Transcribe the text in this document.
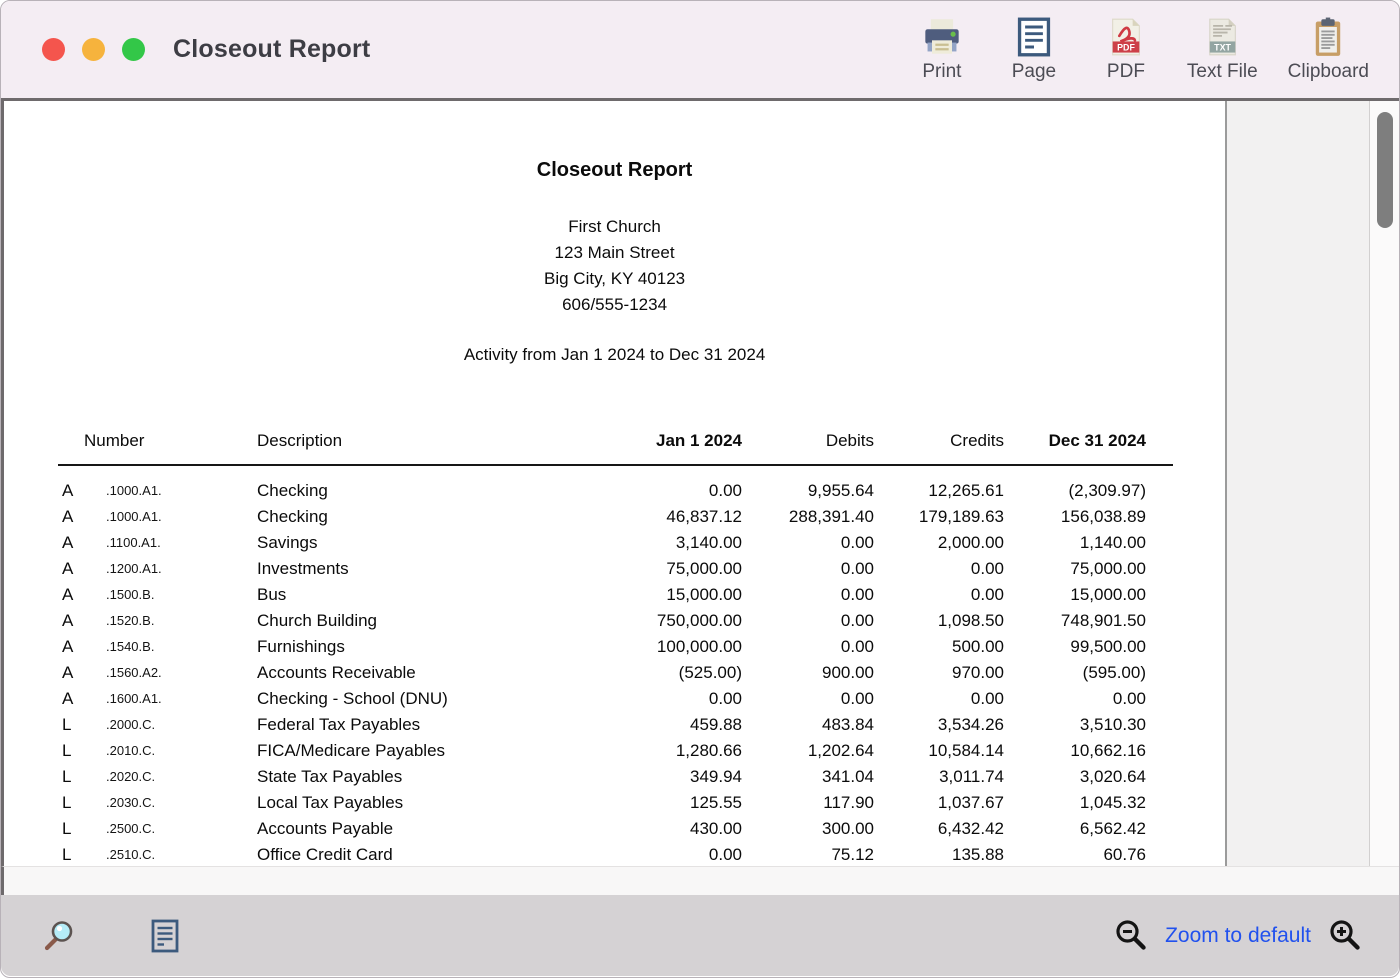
Closeout Report
Print	Page
PDF
PDF
TXT
Text File Clipboard
Closeout Report
First Church
123 Main Street
Big City, KY 40123
606/555-1234
Activity from Jan 1 2024 to Dec 31 2024
Number	Description	Jan 1 2024	Debits	Credits	Dec 31 2024
A	.1000.A1.	Checking	0.00	9,955.64	12,265.61	(2,309.97)
A	.1000.A1.	Checking	46,837.12	288,391.40	179,189.63	156,038.89
A	.1100.A1.	Savings	3,140.00	0.00	2,000.00	1,140.00
A	.1200.A1.	Investments	75,000.00	0.00	0.00	75,000.00
A	.1500.B.	Bus	15,000.00	0.00	0.00	15,000.00
A	.1520.B.	Church Building	750,000.00	0.00	1,098.50	748,901.50
A	.1540.B.	Furnishings	100,000.00	0.00	500.00	99,500.00
A	.1560.A2.	Accounts Receivable	(525.00)	900.00	970.00	(595.00)
A	.1600.A1.	Checking - School (DNU)	0.00	0.00	0.00	0.00
L	.2000.C.	Federal Tax Payables	459.88	483.84	3,534.26	3,510.30
L	.2010.C.	FICA/Medicare Payables	1,280.66	1,202.64	10,584.14	10,662.16
L	.2020.C.	State Tax Payables	349.94	341.04	3,011.74	3,020.64
L	.2030.C.	Local Tax Payables	125.55	117.90	1,037.67	1,045.32
L	.2500.C.	Accounts Payable	430.00	300.00	6,432.42	6,562.42
L	.2510.C.	Office Credit Card	0.00	75.12	135.88	60.76
Zoom to default
